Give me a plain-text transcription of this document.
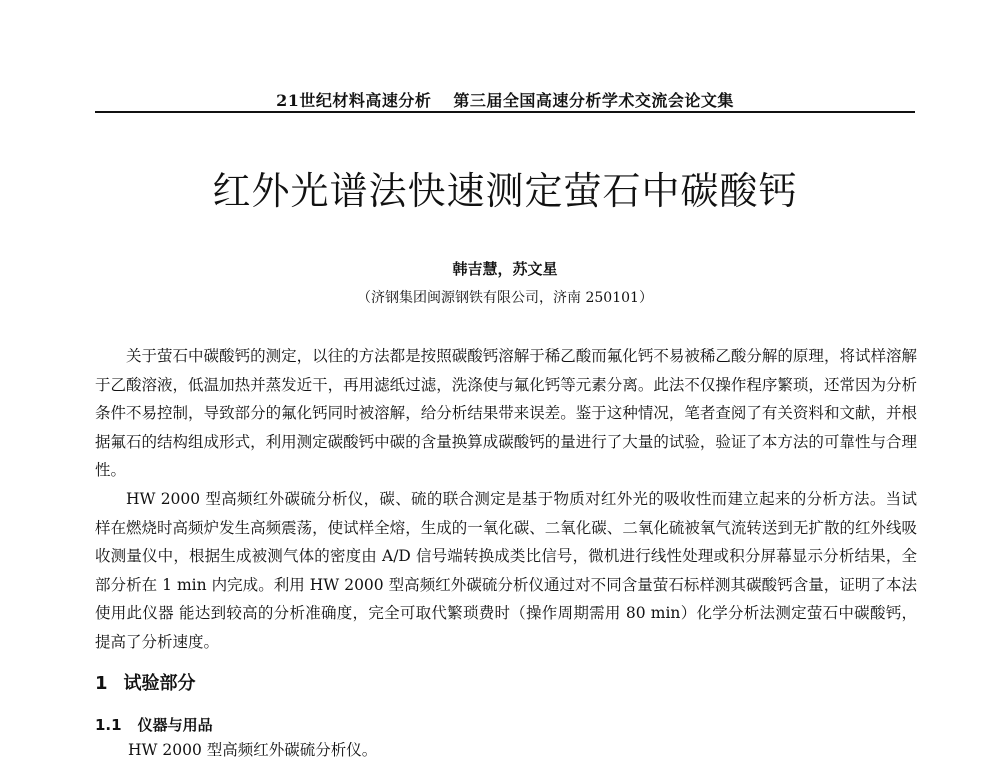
21世纪材料高速分析 第三届全国高速分析学术交流会论文集
红外光谱法快速测定萤石中碳酸钙
韩吉慧，苏文星
（济钢集团闽源钢铁有限公司，济南 250101）

关于萤石中碳酸钙的测定，以往的方法都是按照碳酸钙溶解于稀乙酸而氟化钙不易被稀乙酸分解的原理，将试样溶解于乙酸溶液，低温加热并蒸发近干，再用滤纸过滤，洗涤使与氟化钙等元素分离。此法不仅操作程序繁琐，还常因为分析条件不易控制，导致部分的氟化钙同时被溶解，给分析结果带来误差。鉴于这种情况，笔者查阅了有关资料和文献，并根据氟石的结构组成形式，利用测定碳酸钙中碳的含量换算成碳酸钙的量进行了大量的试验，验证了本方法的可靠性与合理性。

HW 2000 型高频红外碳硫分析仪，碳、硫的联合测定是基于物质对红外光的吸收性而建立起来的分析方法。当试样在燃烧时高频炉发生高频震荡，使试样全熔，生成的一氧化碳、二氧化碳、二氧化硫被氧气流转送到无扩散的红外线吸收测量仪中，根据生成被测气体的密度由 A/D 信号端转换成类比信号，微机进行线性处理或积分屏幕显示分析结果，全部分析在 1 min 内完成。利用 HW 2000 型高频红外碳硫分析仪通过对不同含量萤石标样测其碳酸钙含量，证明了本法使用此仪器 能达到较高的分析准确度，完全可取代繁琐费时（操作周期需用 80 min）化学分析法测定萤石中碳酸钙，提高了分析速度。

1 试验部分
1.1 仪器与用品
HW 2000 型高频红外碳硫分析仪。
